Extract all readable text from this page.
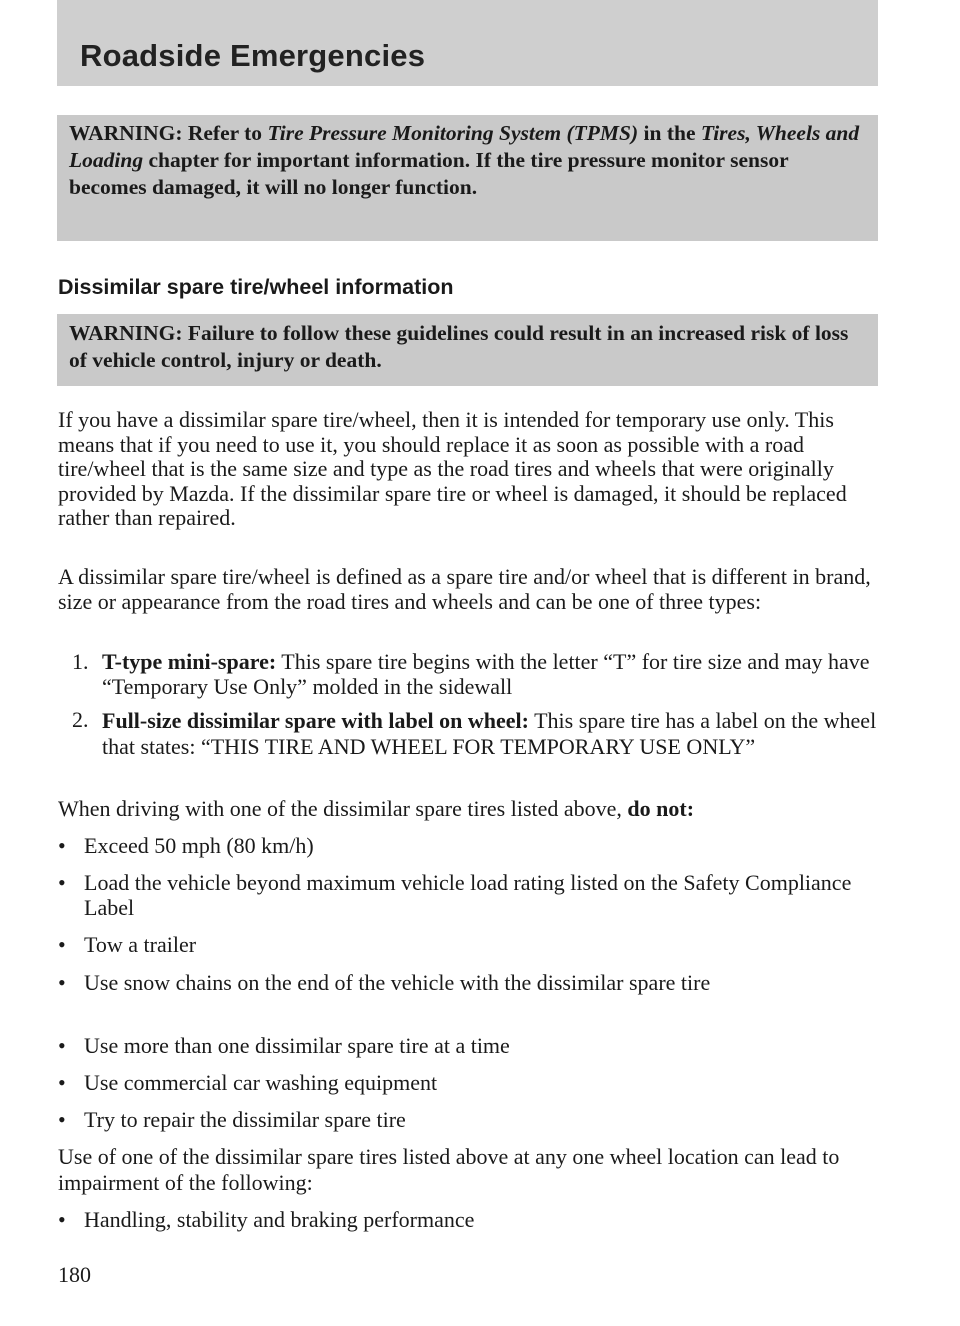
Roadside Emergencies

WARNING: Refer to Tire Pressure Monitoring System (TPMS) in the Tires, Wheels and Loading chapter for important information. If the tire pressure monitor sensor becomes damaged, it will no longer function.

Dissimilar spare tire/wheel information

WARNING: Failure to follow these guidelines could result in an increased risk of loss of vehicle control, injury or death.

If you have a dissimilar spare tire/wheel, then it is intended for temporary use only. This means that if you need to use it, you should replace it as soon as possible with a road tire/wheel that is the same size and type as the road tires and wheels that were originally provided by Mazda. If the dissimilar spare tire or wheel is damaged, it should be replaced rather than repaired.

A dissimilar spare tire/wheel is defined as a spare tire and/or wheel that is different in brand, size or appearance from the road tires and wheels and can be one of three types:

1. T-type mini-spare: This spare tire begins with the letter “T” for tire size and may have “Temporary Use Only” molded in the sidewall
2. Full-size dissimilar spare with label on wheel: This spare tire has a label on the wheel that states: “THIS TIRE AND WHEEL FOR TEMPORARY USE ONLY”

When driving with one of the dissimilar spare tires listed above, do not:

• Exceed 50 mph (80 km/h)
• Load the vehicle beyond maximum vehicle load rating listed on the Safety Compliance Label
• Tow a trailer
• Use snow chains on the end of the vehicle with the dissimilar spare tire
• Use more than one dissimilar spare tire at a time
• Use commercial car washing equipment
• Try to repair the dissimilar spare tire

Use of one of the dissimilar spare tires listed above at any one wheel location can lead to impairment of the following:

• Handling, stability and braking performance
180
